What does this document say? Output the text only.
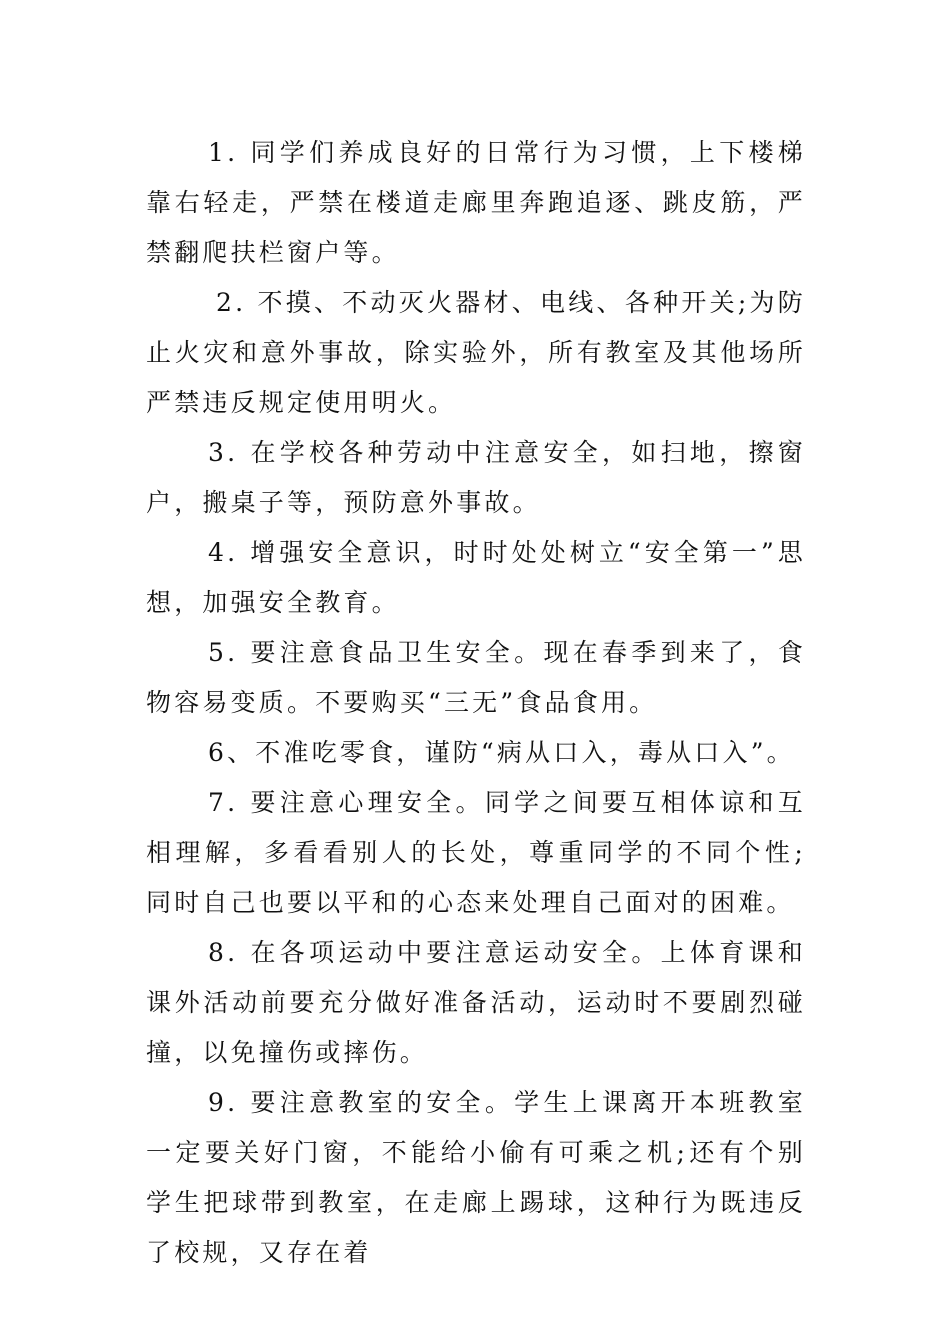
1. 同学们养成良好的日常行为习惯，上下楼梯靠右轻走，严禁在楼道走廊里奔跑追逐、跳皮筋，严禁翻爬扶栏窗户等。

2. 不摸、不动灭火器材、电线、各种开关;为防止火灾和意外事故，除实验外，所有教室及其他场所严禁违反规定使用明火。

3. 在学校各种劳动中注意安全，如扫地，擦窗户，搬桌子等，预防意外事故。

4. 增强安全意识，时时处处树立“安全第一”思想，加强安全教育。

5. 要注意食品卫生安全。现在春季到来了，食物容易变质。不要购买“三无”食品食用。

6、不准吃零食，谨防“病从口入，毒从口入”。

7. 要注意心理安全。同学之间要互相体谅和互相理解，多看看别人的长处，尊重同学的不同个性;同时自己也要以平和的心态来处理自己面对的困难。

8. 在各项运动中要注意运动安全。上体育课和课外活动前要充分做好准备活动，运动时不要剧烈碰撞，以免撞伤或摔伤。

9. 要注意教室的安全。学生上课离开本班教室一定要关好门窗，不能给小偷有可乘之机;还有个别学生把球带到教室，在走廊上踢球，这种行为既违反了校规，又存在着
